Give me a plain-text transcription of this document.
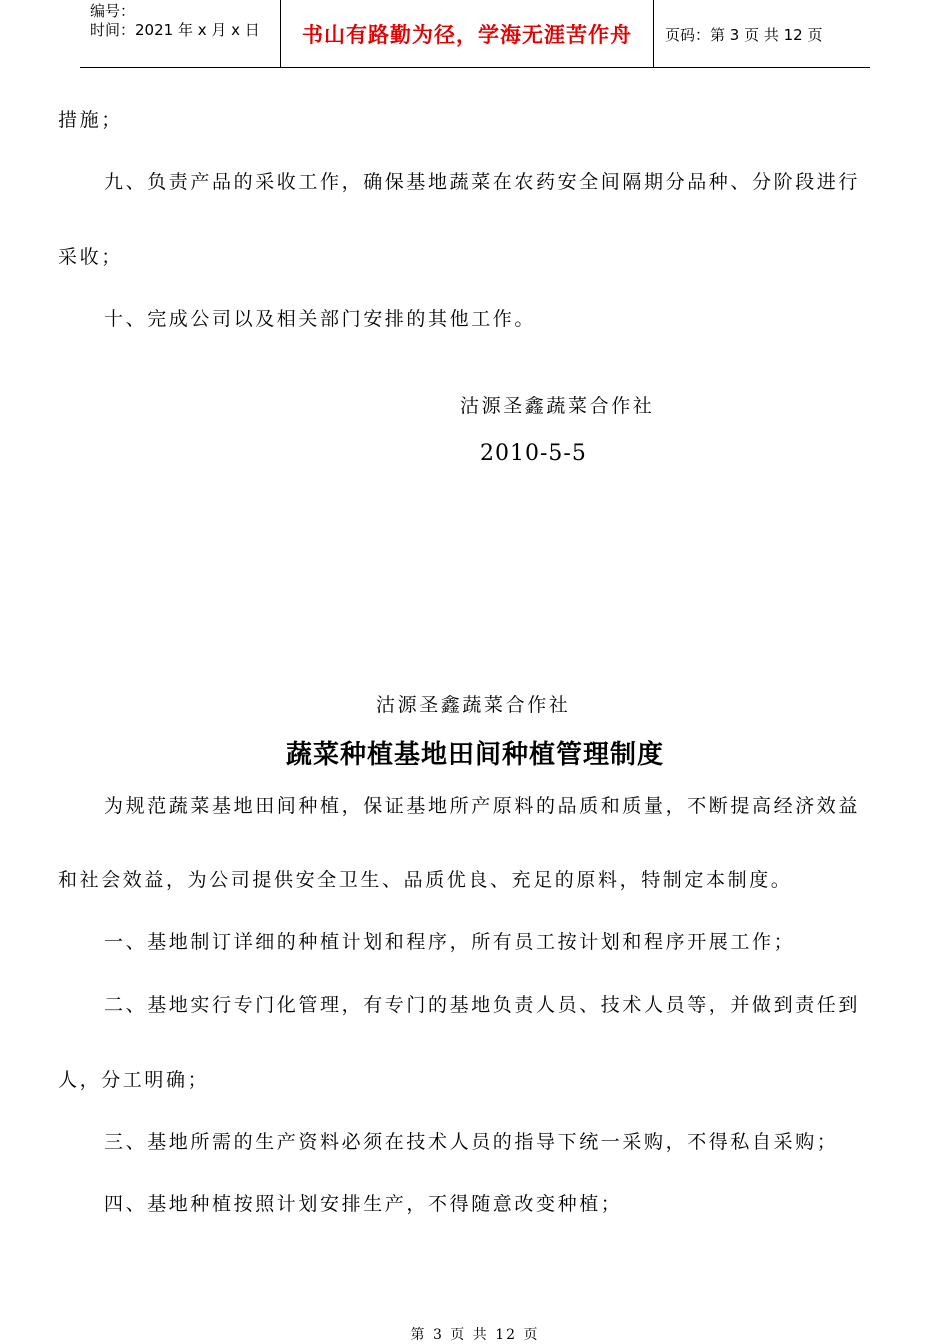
编号：
时间：2021 年 x 月 x 日	书山有路勤为径，学海无涯苦作舟	页码：第 3 页 共 12 页
措施；
九、负责产品的采收工作，确保基地蔬菜在农药安全间隔期分品种、分阶段进行
采收；
十、完成公司以及相关部门安排的其他工作。
沽源圣鑫蔬菜合作社
2010-5-5
沽源圣鑫蔬菜合作社
蔬菜种植基地田间种植管理制度
为规范蔬菜基地田间种植，保证基地所产原料的品质和质量，不断提高经济效益
和社会效益，为公司提供安全卫生、品质优良、充足的原料，特制定本制度。
一、基地制订详细的种植计划和程序，所有员工按计划和程序开展工作；
二、基地实行专门化管理，有专门的基地负责人员、技术人员等，并做到责任到
人，分工明确；
三、基地所需的生产资料必须在技术人员的指导下统一采购，不得私自采购；
四、基地种植按照计划安排生产，不得随意改变种植；
第 3 页 共 12 页
